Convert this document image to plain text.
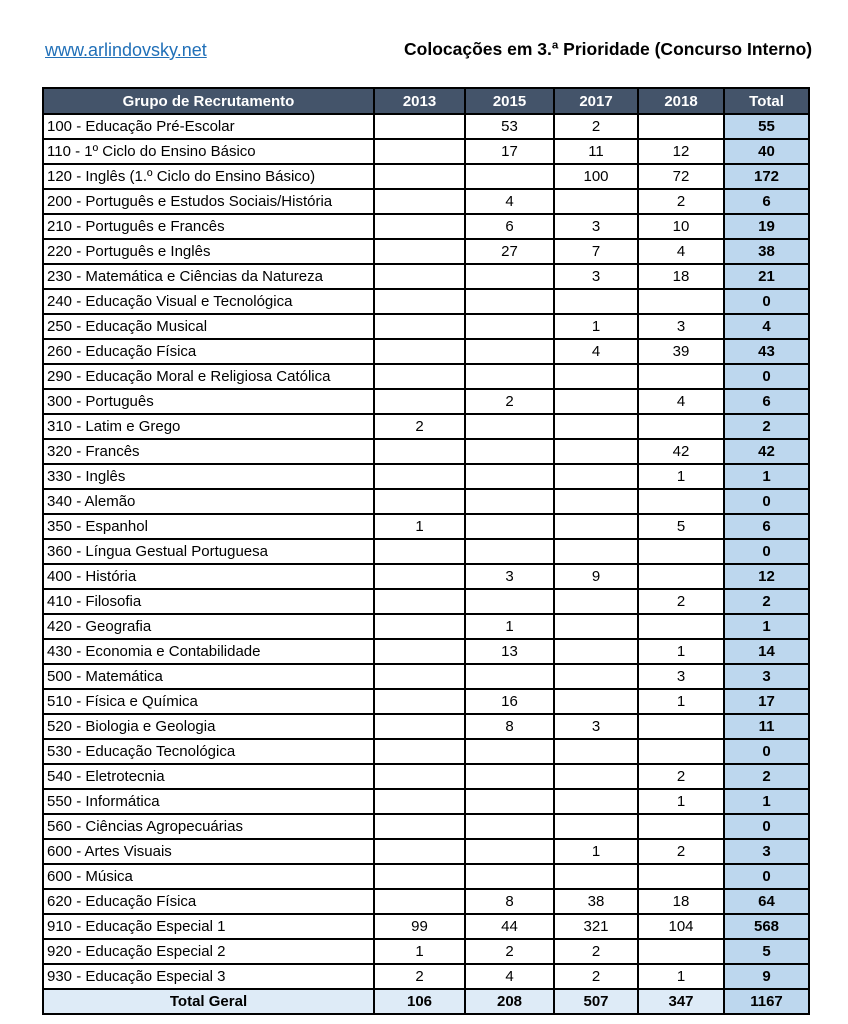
www.arlindovsky.net	Colocações em 3.ª Prioridade (Concurso Interno)
Grupo de Recrutamento	2013	2015	2017	2018	Total
100 - Educação Pré-Escolar		53	2		55
110 - 1º Ciclo do Ensino Básico		17	11	12	40
120 - Inglês (1.º Ciclo do Ensino Básico)			100	72	172
200 - Português e Estudos Sociais/História		4		2	6
210 - Português e Francês		6	3	10	19
220 - Português e Inglês		27	7	4	38
230 - Matemática e Ciências da Natureza			3	18	21
240 - Educação Visual e Tecnológica					0
250 - Educação Musical			1	3	4
260 - Educação Física			4	39	43
290 - Educação Moral e Religiosa Católica					0
300 - Português		2		4	6
310 - Latim e Grego	2				2
320 - Francês				42	42
330 - Inglês				1	1
340 - Alemão					0
350 - Espanhol	1			5	6
360 - Língua Gestual Portuguesa					0
400 - História		3	9		12
410 - Filosofia				2	2
420 - Geografia		1			1
430 - Economia e Contabilidade		13		1	14
500 - Matemática				3	3
510 - Física e Química		16		1	17
520 - Biologia e Geologia		8	3		11
530 - Educação Tecnológica					0
540 - Eletrotecnia				2	2
550 - Informática				1	1
560 - Ciências Agropecuárias					0
600 - Artes Visuais			1	2	3
600 - Música					0
620 - Educação Física		8	38	18	64
910 - Educação Especial 1	99	44	321	104	568
920 - Educação Especial 2	1	2	2		5
930 - Educação Especial 3	2	4	2	1	9
Total Geral	106	208	507	347	1167
